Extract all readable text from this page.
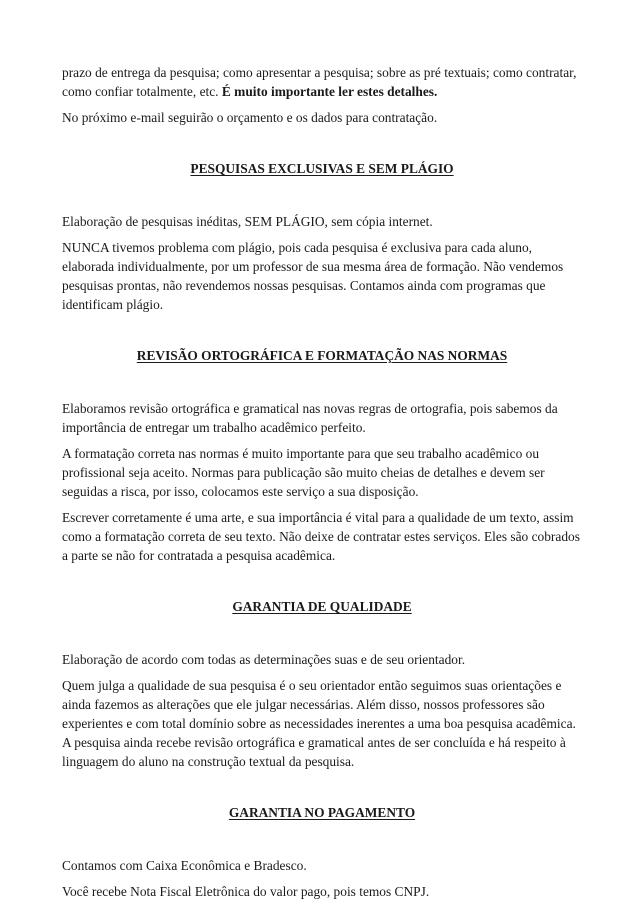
prazo de entrega da pesquisa; como apresentar a pesquisa; sobre as pré textuais; como contratar, como confiar totalmente, etc. É muito importante ler estes detalhes.

No próximo e-mail seguirão o orçamento e os dados para contratação.

PESQUISAS EXCLUSIVAS E SEM PLÁGIO

Elaboração de pesquisas inéditas, SEM PLÁGIO, sem cópia internet.

NUNCA tivemos problema com plágio, pois cada pesquisa é exclusiva para cada aluno, elaborada individualmente, por um professor de sua mesma área de formação. Não vendemos pesquisas prontas, não revendemos nossas pesquisas. Contamos ainda com programas que identificam plágio.

REVISÃO ORTOGRÁFICA E FORMATAÇÃO NAS NORMAS

Elaboramos revisão ortográfica e gramatical nas novas regras de ortografia, pois sabemos da importância de entregar um trabalho acadêmico perfeito.

A formatação correta nas normas é muito importante para que seu trabalho acadêmico ou profissional seja aceito. Normas para publicação são muito cheias de detalhes e devem ser seguidas a risca, por isso, colocamos este serviço a sua disposição.

Escrever corretamente é uma arte, e sua importância é vital para a qualidade de um texto, assim como a formatação correta de seu texto. Não deixe de contratar estes serviços. Eles são cobrados a parte se não for contratada a pesquisa acadêmica.

GARANTIA DE QUALIDADE

Elaboração de acordo com todas as determinações suas e de seu orientador.

Quem julga a qualidade de sua pesquisa é o seu orientador então seguimos suas orientações e ainda fazemos as alterações que ele julgar necessárias. Além disso, nossos professores são experientes e com total domínio sobre as necessidades inerentes a uma boa pesquisa acadêmica. A pesquisa ainda recebe revisão ortográfica e gramatical antes de ser concluída e há respeito à linguagem do aluno na construção textual da pesquisa.

GARANTIA NO PAGAMENTO

Contamos com Caixa Econômica e Bradesco.

Você recebe Nota Fiscal Eletrônica do valor pago, pois temos CNPJ.
